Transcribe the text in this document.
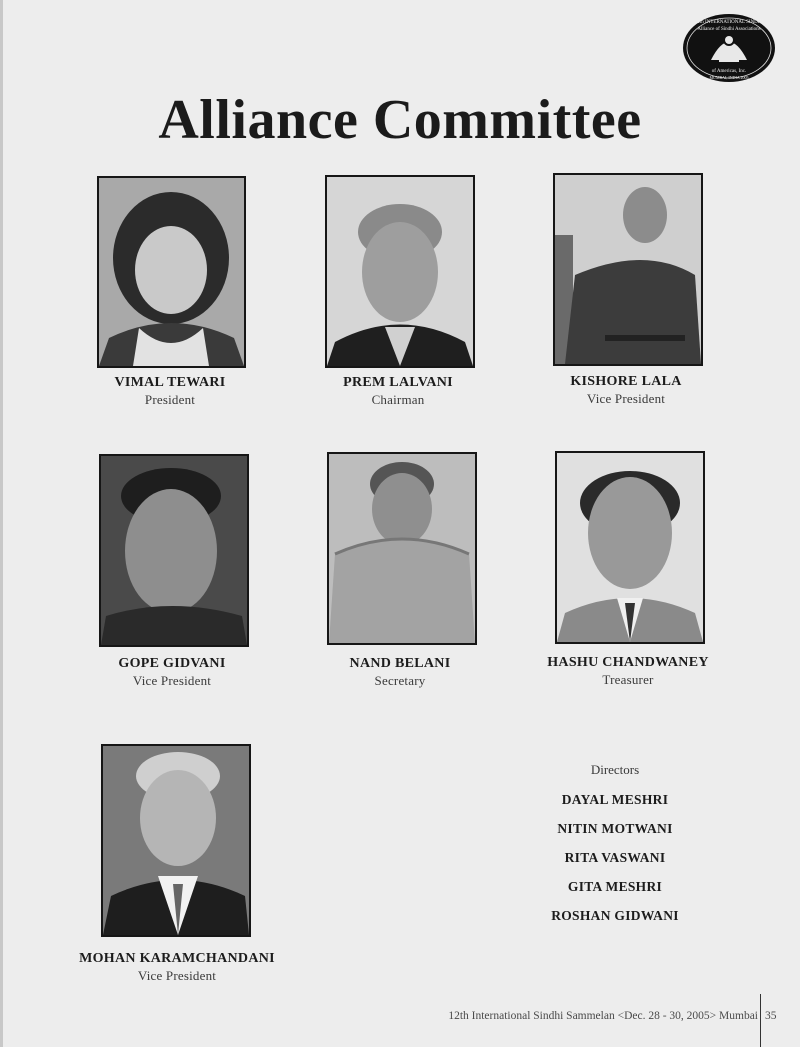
12th INTERNATIONAL SINDHI
Alliance of Sindhi Associations
of Americas, Inc.
MUMBAI, INDIA 2005
Alliance Committee
VIMAL TEWARI
President
PREM LALVANI
Chairman
KISHORE LALA
Vice President
GOPE GIDVANI
Vice President
NAND BELANI
Secretary
HASHU CHANDWANEY
Treasurer
MOHAN KARAMCHANDANI
Vice President
Directors
DAYAL MESHRI
NITIN MOTWANI
RITA VASWANI
GITA MESHRI
ROSHAN GIDWANI
12th International Sindhi Sammelan <Dec. 28 - 30, 2005> Mumbai 35
